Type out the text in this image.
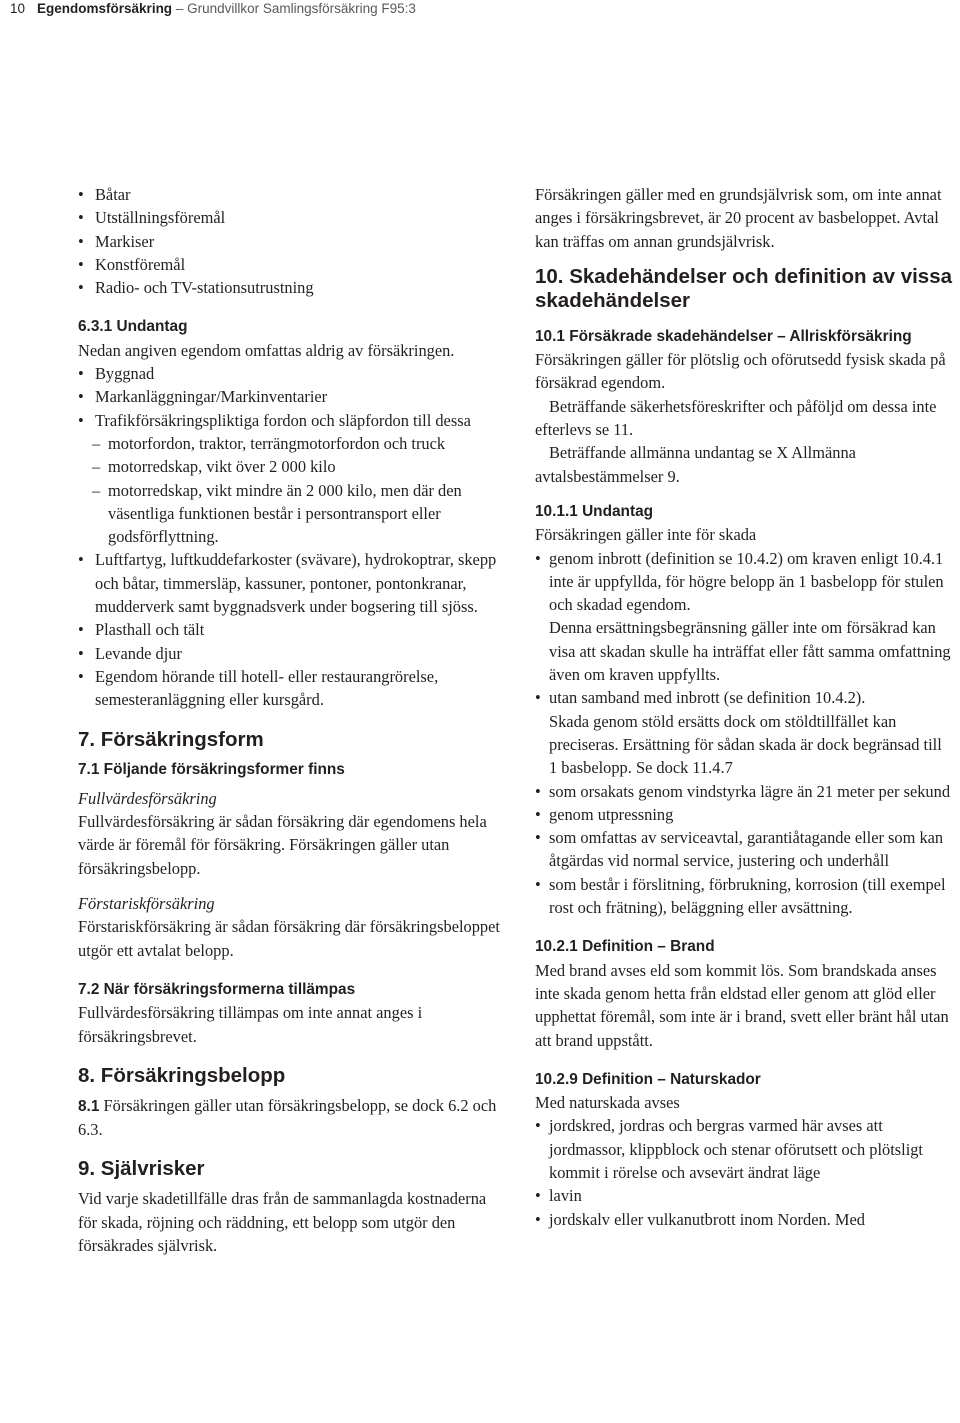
10 Egendomsförsäkring – Grundvillkor Samlingsförsäkring F95:3
• Båtar
• Utställningsföremål
• Markiser
• Konstföremål
• Radio- och TV-stationsutrustning
6.3.1 Undantag

Nedan angiven egendom omfattas aldrig av försäkringen.

• Byggnad
• Markanläggningar/Markinventarier
• Trafikförsäkringspliktiga fordon och släpfordon till dessa
– motorfordon, traktor, terrängmotorfordon och truck
– motorredskap, vikt över 2 000 kilo
– motorredskap, vikt mindre än 2 000 kilo, men där den väsentliga funktionen består i persontransport eller godsförflyttning.
• Luftfartyg, luftkuddefarkoster (svävare), hydrokoptrar, skepp och båtar, timmersläp, kassuner, pontoner, pontonkranar, mudderverk samt byggnadsverk under bogsering till sjöss.
• Plasthall och tält
• Levande djur
• Egendom hörande till hotell- eller restaurangrörelse, semesteranläggning eller kursgård.
7. Försäkringsform
7.1 Följande försäkringsformer finns

Fullvärdesförsäkring

Fullvärdesförsäkring är sådan försäkring där egendomens hela värde är föremål för försäkring. Försäkringen gäller utan försäkringsbelopp.

Förstariskförsäkring

Förstariskförsäkring är sådan försäkring där försäkringsbeloppet utgör ett avtalat belopp.

7.2 När försäkringsformerna tillämpas

Fullvärdesförsäkring tillämpas om inte annat anges i försäkringsbrevet.

8. Försäkringsbelopp

8.1 Försäkringen gäller utan försäkringsbelopp, se dock 6.2 och 6.3.

9. Självrisker

Vid varje skadetillfälle dras från de sammanlagda kostnaderna för skada, röjning och räddning, ett belopp som utgör den försäkrades självrisk.

Försäkringen gäller med en grundsjälvrisk som, om inte annat anges i försäkringsbrevet, är 20 procent av basbeloppet. Avtal kan träffas om annan grundsjälvrisk.

10. Skadehändelser och definition av vissa skadehändelser
10.1 Försäkrade skadehändelser – Allriskförsäkring

Försäkringen gäller för plötslig och oförutsedd fysisk skada på försäkrad egendom.

Beträffande säkerhetsföreskrifter och påföljd om dessa inte efterlevs se 11.

Beträffande allmänna undantag se X Allmänna avtalsbestämmelser 9.

10.1.1 Undantag

Försäkringen gäller inte för skada

• genom inbrott (definition se 10.4.2) om kraven enligt 10.4.1 inte är uppfyllda, för högre belopp än 1 basbelopp för stulen och skadad egendom.

Denna ersättningsbegränsning gäller inte om försäkrad kan visa att skadan skulle ha inträffat eller fått samma omfattning även om kraven uppfyllts.

• utan samband med inbrott (se definition 10.4.2).

Skada genom stöld ersätts dock om stöldtillfället kan preciseras. Ersättning för sådan skada är dock begränsad till 1 basbelopp. Se dock 11.4.7

• som orsakats genom vindstyrka lägre än 21 meter per sekund
• genom utpressning
• som omfattas av serviceavtal, garantiåtagande eller som kan åtgärdas vid normal service, justering och underhåll
• som består i förslitning, förbrukning, korrosion (till exempel rost och frätning), beläggning eller avsättning.
10.2.1 Definition – Brand

Med brand avses eld som kommit lös. Som brandskada anses inte skada genom hetta från eldstad eller genom att glöd eller upphettat föremål, som inte är i brand, svett eller bränt hål utan att brand uppstått.

10.2.9 Definition – Naturskador

Med naturskada avses

• jordskred, jordras och bergras varmed här avses att jordmassor, klippblock och stenar oförutsett och plötsligt kommit i rörelse och avsevärt ändrat läge
• lavin
• jordskalv eller vulkanutbrott inom Norden. Med
